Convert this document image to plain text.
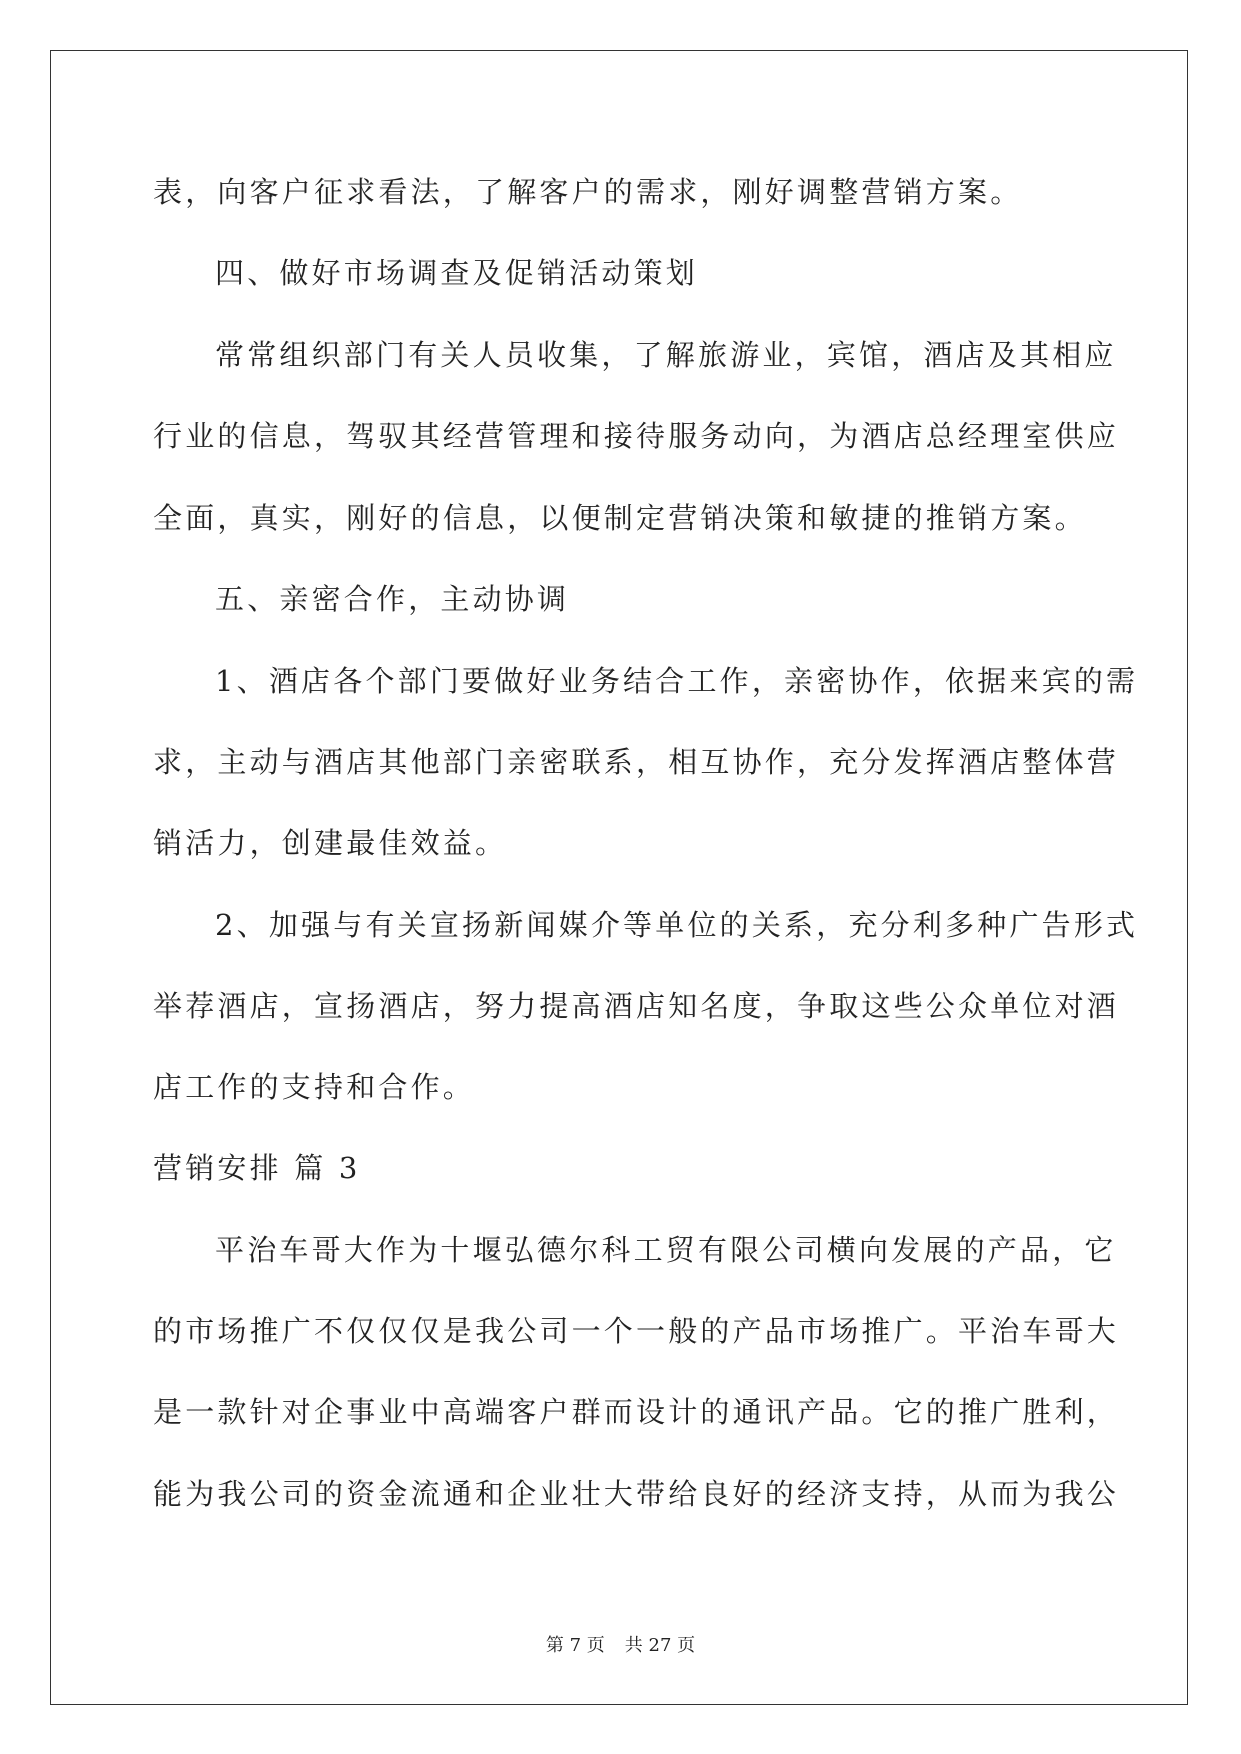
表，向客户征求看法，了解客户的需求，刚好调整营销方案。
四、做好市场调查及促销活动策划
常常组织部门有关人员收集，了解旅游业，宾馆，酒店及其相应
行业的信息，驾驭其经营管理和接待服务动向，为酒店总经理室供应
全面，真实，刚好的信息，以便制定营销决策和敏捷的推销方案。
五、亲密合作，主动协调
1、酒店各个部门要做好业务结合工作，亲密协作，依据来宾的需
求，主动与酒店其他部门亲密联系，相互协作，充分发挥酒店整体营
销活力，创建最佳效益。
2、加强与有关宣扬新闻媒介等单位的关系，充分利多种广告形式
举荐酒店，宣扬酒店，努力提高酒店知名度，争取这些公众单位对酒
店工作的支持和合作。
营销安排 篇 3
平治车哥大作为十堰弘德尔科工贸有限公司横向发展的产品，它
的市场推广不仅仅仅是我公司一个一般的产品市场推广。平治车哥大
是一款针对企事业中高端客户群而设计的通讯产品。它的推广胜利，
能为我公司的资金流通和企业壮大带给良好的经济支持，从而为我公
第 7 页 共 27 页
